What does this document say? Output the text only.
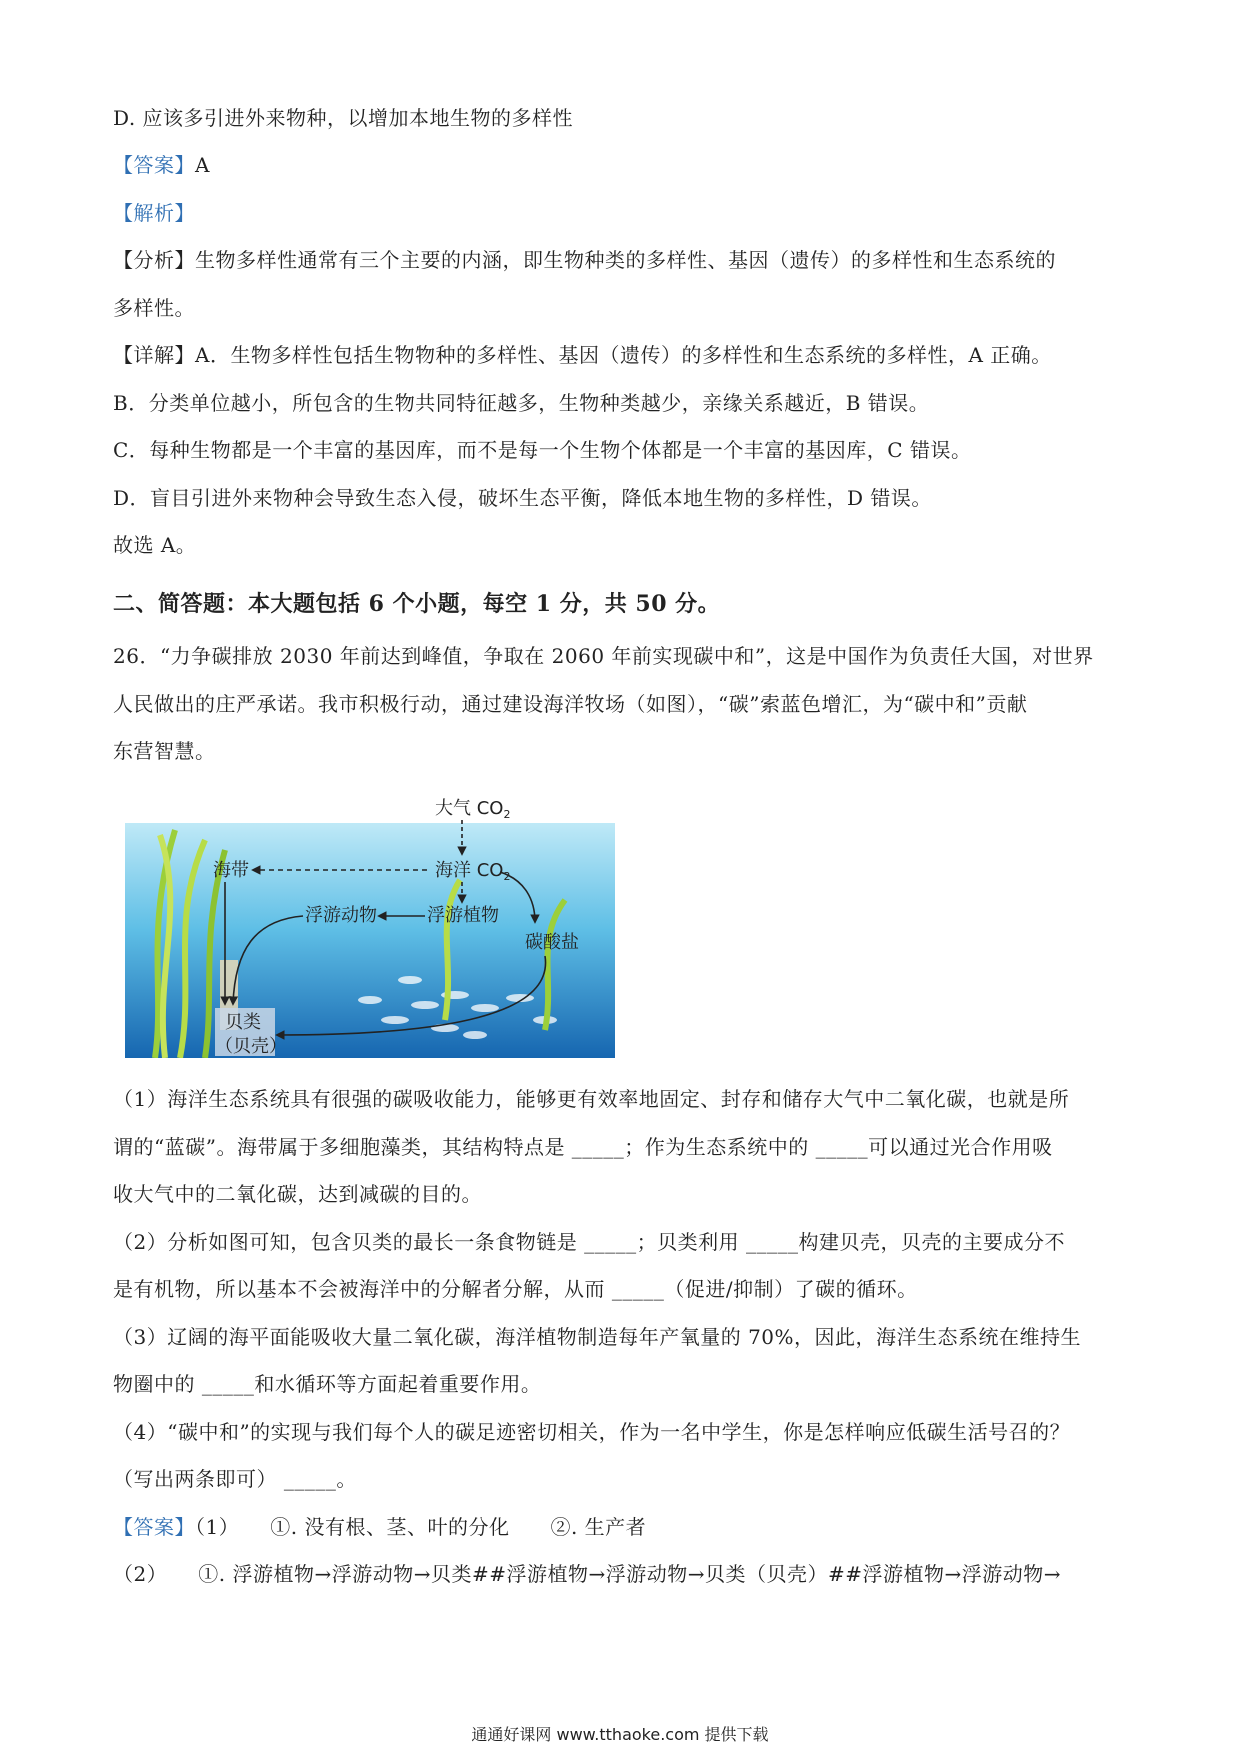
D. 应该多引进外来物种，以增加本地生物的多样性
【答案】A
【解析】
【分析】生物多样性通常有三个主要的内涵，即生物种类的多样性、基因（遗传）的多样性和生态系统的
多样性。
【详解】A．生物多样性包括生物物种的多样性、基因（遗传）的多样性和生态系统的多样性，A 正确。
B．分类单位越小，所包含的生物共同特征越多，生物种类越少，亲缘关系越近，B 错误。
C．每种生物都是一个丰富的基因库，而不是每一个生物个体都是一个丰富的基因库，C 错误。
D．盲目引进外来物种会导致生态入侵，破坏生态平衡，降低本地生物的多样性，D 错误。
故选 A。
二、简答题：本大题包括 6 个小题，每空 1 分，共 50 分。
26．“力争碳排放 2030 年前达到峰值，争取在 2060 年前实现碳中和”，这是中国作为负责任大国，对世界
人民做出的庄严承诺。我市积极行动，通过建设海洋牧场（如图），“碳”索蓝色增汇，为“碳中和”贡献
东营智慧。
大气 $CO_2$
海洋 $CO_2$
海带
浮游动物	浮游植物
碳酸盐
贝类
（贝壳）
（1）海洋生态系统具有很强的碳吸收能力，能够更有效率地固定、封存和储存大气中二氧化碳，也就是所
谓的“蓝碳”。海带属于多细胞藻类，其结构特点是 _____；作为生态系统中的 _____可以通过光合作用吸
收大气中的二氧化碳，达到减碳的目的。
（2）分析如图可知，包含贝类的最长一条食物链是 _____；贝类利用 _____构建贝壳，贝壳的主要成分不
是有机物，所以基本不会被海洋中的分解者分解，从而 _____（促进/抑制）了碳的循环。
（3）辽阔的海平面能吸收大量二氧化碳，海洋植物制造每年产氧量的 70%，因此，海洋生态系统在维持生
物圈中的 _____和水循环等方面起着重要作用。
（4）“碳中和”的实现与我们每个人的碳足迹密切相关，作为一名中学生，你是怎样响应低碳生活号召的？
（写出两条即可） _____。
【答案】（1）　　①. 没有根、茎、叶的分化　　②. 生产者
（2）　　①. 浮游植物→浮游动物→贝类##浮游植物→浮游动物→贝类（贝壳）##浮游植物→浮游动物→
通通好课网 www.tthaoke.com 提供下载
